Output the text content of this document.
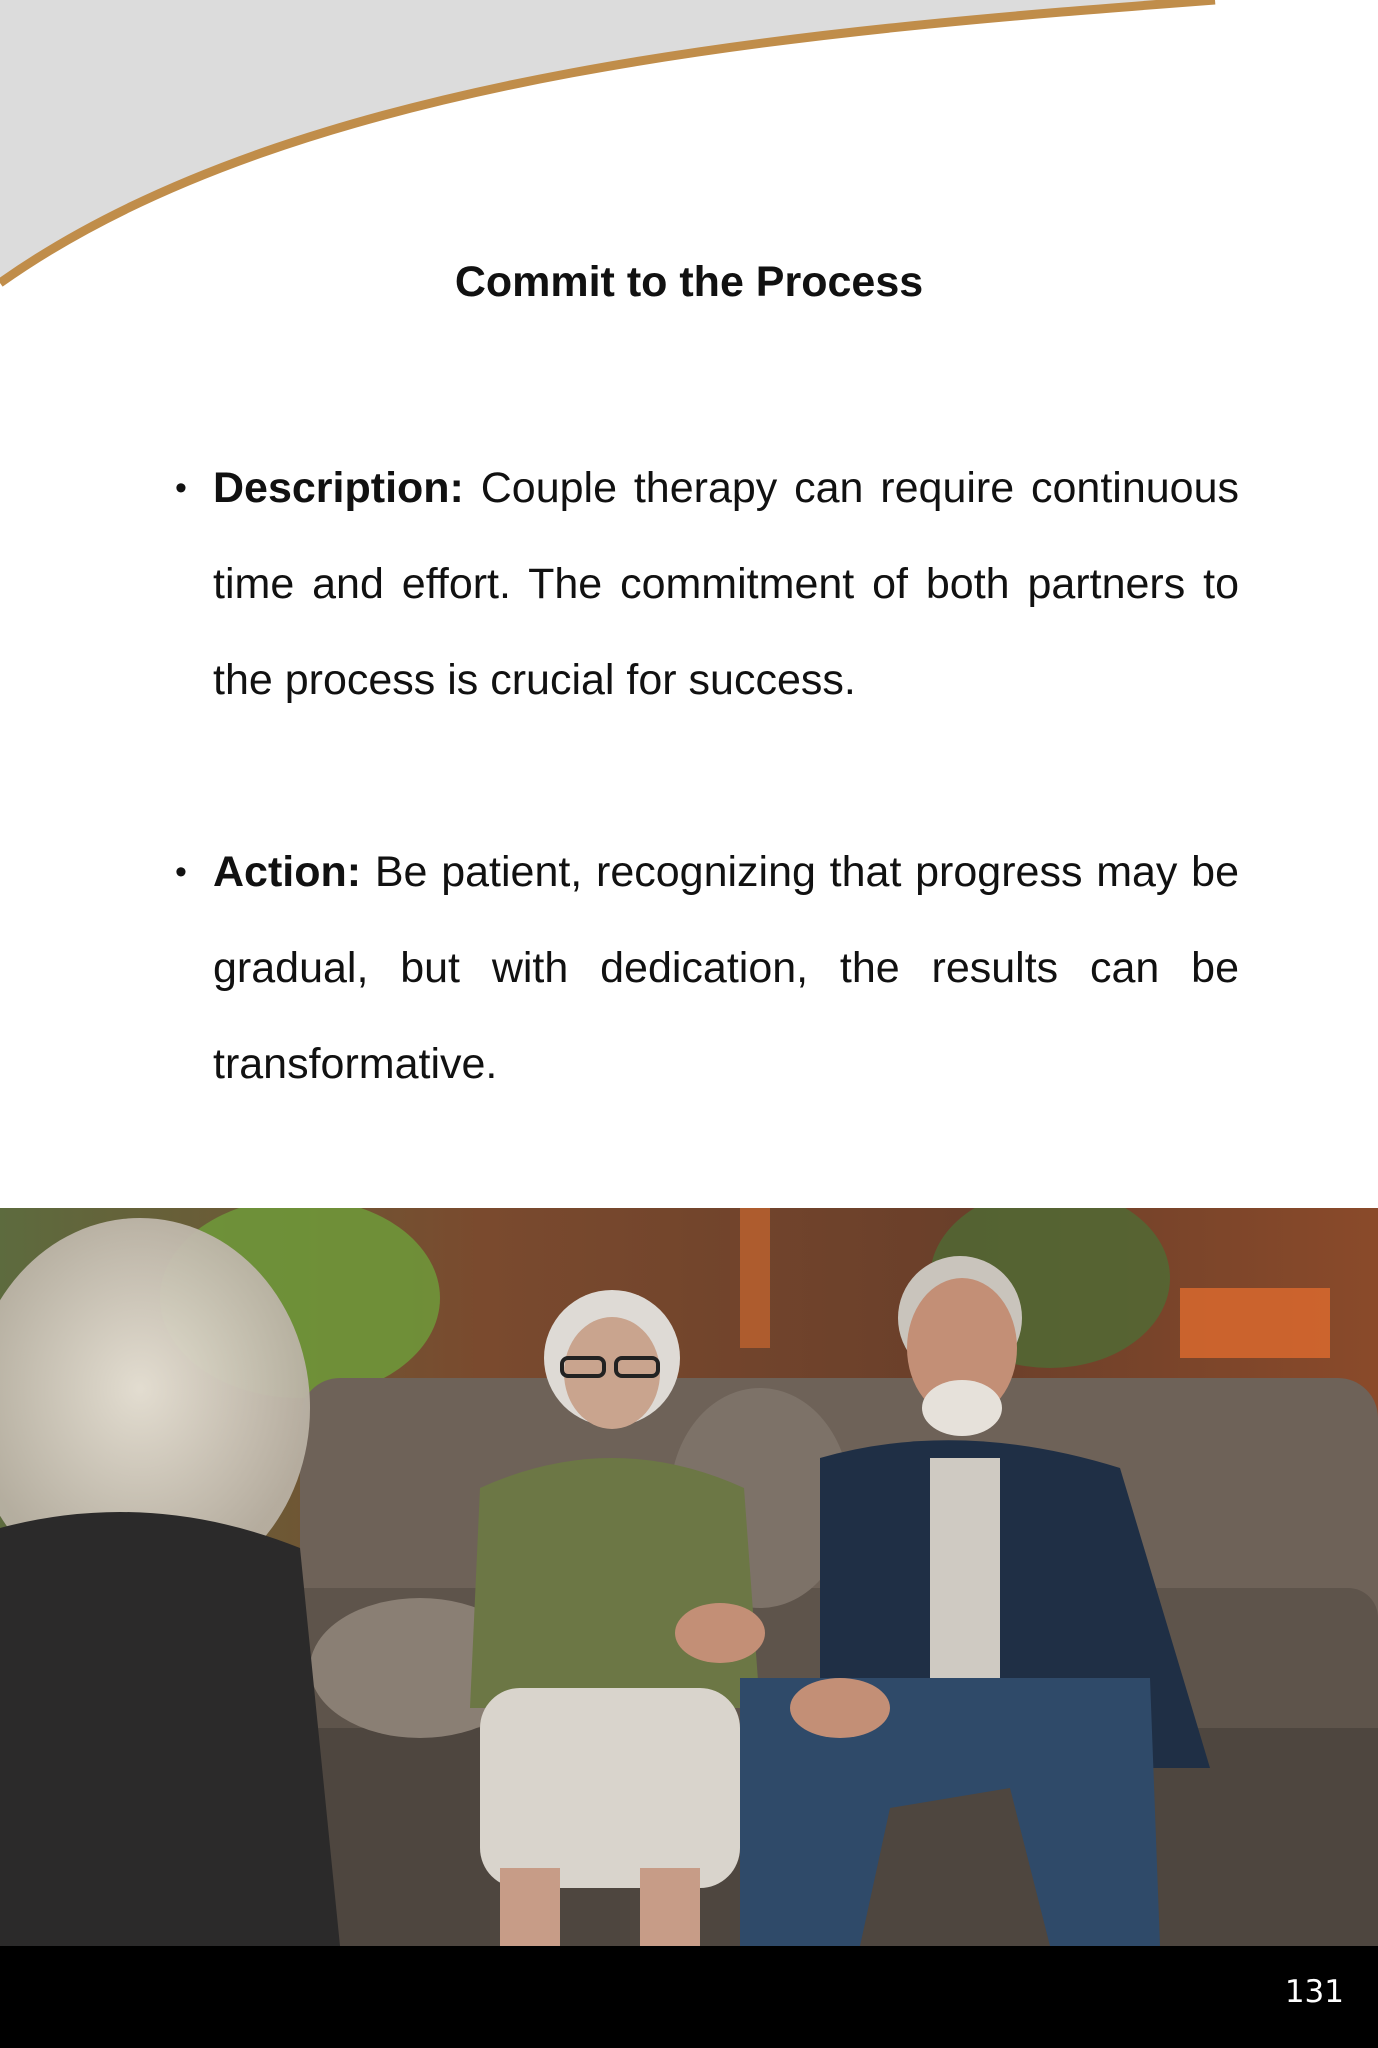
Commit to the Process
• Description: Couple therapy can require continuous time and effort. The commitment of both partners to the process is crucial for success.
• Action: Be patient, recognizing that progress may be gradual, but with dedication, the results can be transformative.
131
